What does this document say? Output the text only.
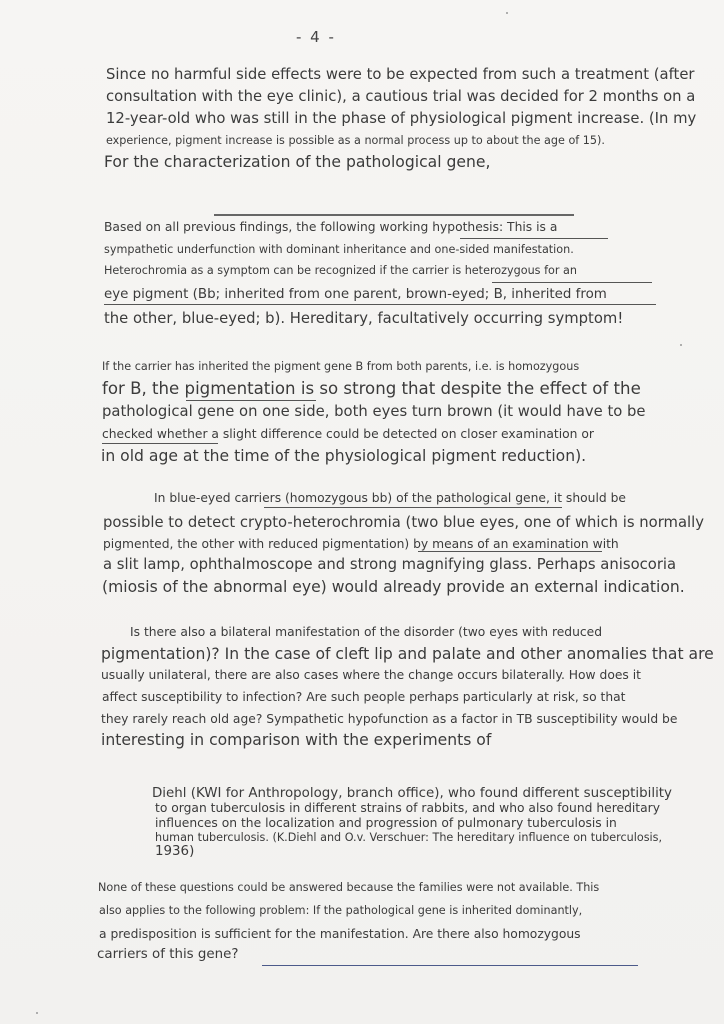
- 4 -
Since no harmful side effects were to be expected from such a treatment (after
consultation with the eye clinic), a cautious trial was decided for 2 months on a
12-year-old who was still in the phase of physiological pigment increase. (In my
experience, pigment increase is possible as a normal process up to about the age of 15).
For the characterization of the pathological gene,
Based on all previous findings, the following working hypothesis: This is a
sympathetic underfunction with dominant inheritance and one-sided manifestation.
Heterochromia as a symptom can be recognized if the carrier is heterozygous for an
eye pigment (Bb; inherited from one parent, brown-eyed; B, inherited from
the other, blue-eyed; b). Hereditary, facultatively occurring symptom!
If the carrier has inherited the pigment gene B from both parents, i.e. is homozygous
for B, the pigmentation is so strong that despite the effect of the
pathological gene on one side, both eyes turn brown (it would have to be
checked whether a slight difference could be detected on closer examination or
in old age at the time of the physiological pigment reduction).
In blue-eyed carriers (homozygous bb) of the pathological gene, it should be
possible to detect crypto-heterochromia (two blue eyes, one of which is normally
pigmented, the other with reduced pigmentation) by means of an examination with
a slit lamp, ophthalmoscope and strong magnifying glass. Perhaps anisocoria
(miosis of the abnormal eye) would already provide an external indication.
Is there also a bilateral manifestation of the disorder (two eyes with reduced
pigmentation)? In the case of cleft lip and palate and other anomalies that are
usually unilateral, there are also cases where the change occurs bilaterally. How does it
affect susceptibility to infection? Are such people perhaps particularly at risk, so that
they rarely reach old age? Sympathetic hypofunction as a factor in TB susceptibility would be
interesting in comparison with the experiments of
Diehl (KWI for Anthropology, branch office), who found different susceptibility
to organ tuberculosis in different strains of rabbits, and who also found hereditary
influences on the localization and progression of pulmonary tuberculosis in
human tuberculosis. (K.Diehl and O.v. Verschuer: The hereditary influence on tuberculosis,
1936)
None of these questions could be answered because the families were not available. This
also applies to the following problem: If the pathological gene is inherited dominantly,
a predisposition is sufficient for the manifestation. Are there also homozygous
carriers of this gene?
